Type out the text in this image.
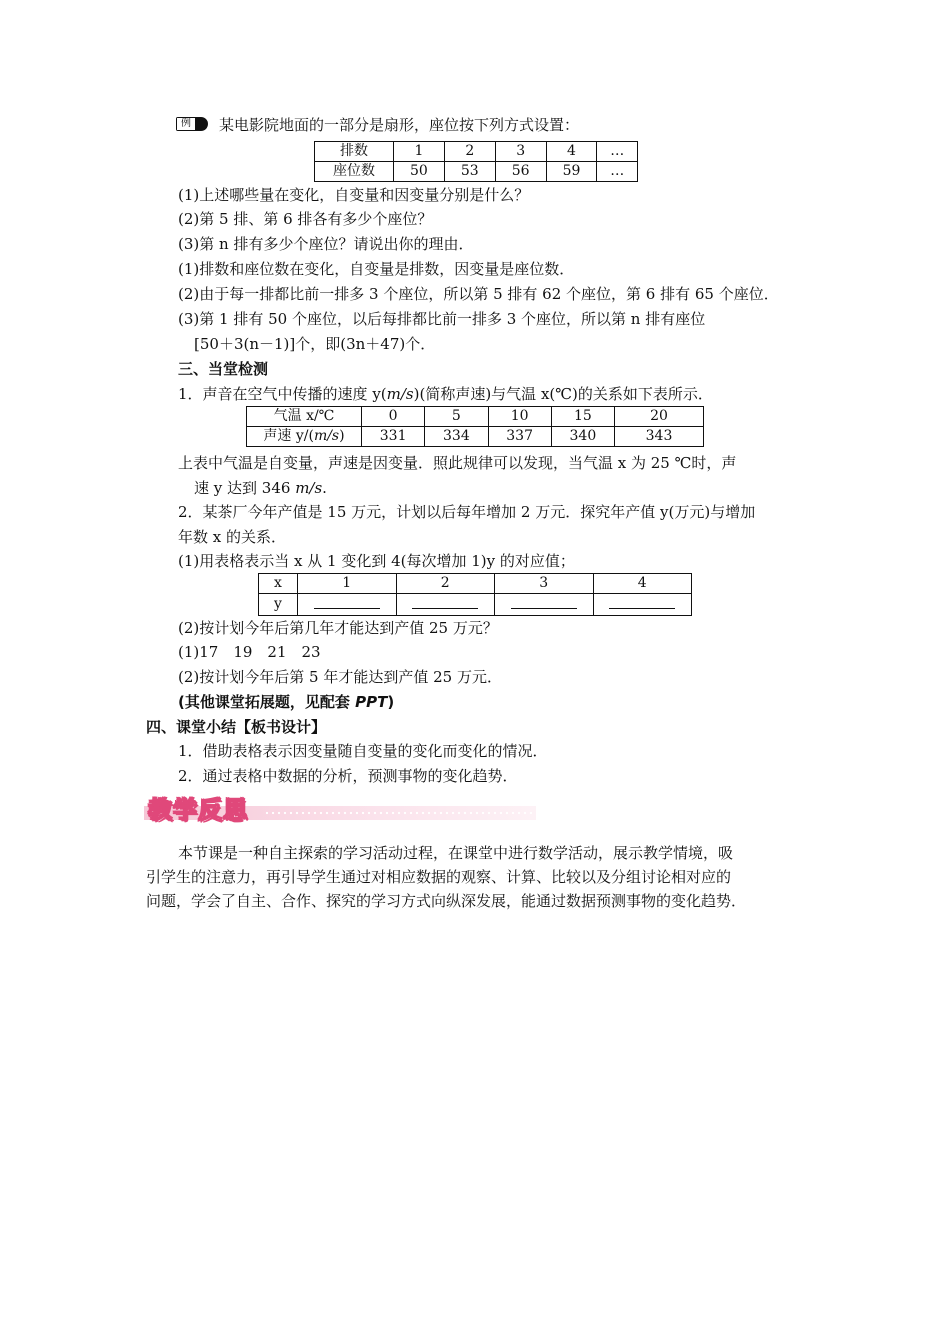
例	某电影院地面的一部分是扇形，座位按下列方式设置：
排数	1	2	3	4	…
座位数	50	53	56	59	…
(1)上述哪些量在变化，自变量和因变量分别是什么？
(2)第 5 排、第 6 排各有多少个座位？
(3)第 n 排有多少个座位？请说出你的理由．
(1)排数和座位数在变化，自变量是排数，因变量是座位数．
(2)由于每一排都比前一排多 3 个座位，所以第 5 排有 62 个座位，第 6 排有 65 个座位．
(3)第 1 排有 50 个座位，以后每排都比前一排多 3 个座位，所以第 n 排有座位
[50＋3(n－1)]个，即(3n＋47)个．
三、当堂检测
1．声音在空气中传播的速度 y(m/s)(简称声速)与气温 x(℃)的关系如下表所示．
气温 x/℃	0	5	10	15	20
声速 y/(m/s)	331	334	337	340	343
上表中气温是自变量，声速是因变量．照此规律可以发现，当气温 x 为 25 ℃时，声
速 y 达到 346 m/s.
2．某茶厂今年产值是 15 万元，计划以后每年增加 2 万元．探究年产值 y(万元)与增加
年数 x 的关系．
(1)用表格表示当 x 从 1 变化到 4(每次增加 1)y 的对应值；
x	1	2	3	4
y				
(2)按计划今年后第几年才能达到产值 25 万元？
(1)17　19　21　23
(2)按计划今年后第 5 年才能达到产值 25 万元．
(其他课堂拓展题，见配套 PPT)
四、课堂小结【板书设计】
1．借助表格表示因变量随自变量的变化而变化的情况．
2．通过表格中数据的分析，预测事物的变化趋势．
教学反思
本节课是一种自主探索的学习活动过程，在课堂中进行数学活动，展示教学情境，吸
引学生的注意力，再引导学生通过对相应数据的观察、计算、比较以及分组讨论相对应的
问题，学会了自主、合作、探究的学习方式向纵深发展，能通过数据预测事物的变化趋势．
